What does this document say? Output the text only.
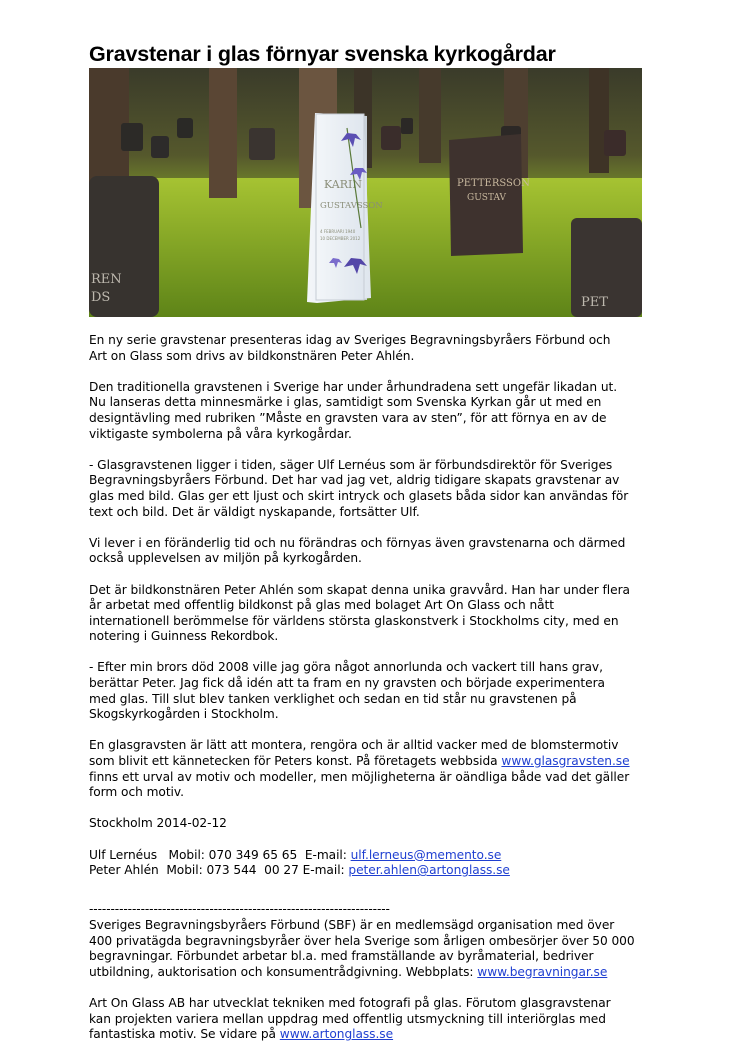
Gravstenar i glas förnyar svenska kyrkogårdar
REN
DS	PET
PETTERSSON
GUSTAV
KARIN
GUSTAVSSON
4 FEBRUARI 1940
10 DECEMBER 2012

En ny serie gravstenar presenteras idag av Sveriges Begravningsbyråers Förbund och
Art on Glass som drivs av bildkonstnären Peter Ahlén.

Den traditionella gravstenen i Sverige har under århundradena sett ungefär likadan ut.
Nu lanseras detta minnesmärke i glas, samtidigt som Svenska Kyrkan går ut med en
designtävling med rubriken ”Måste en gravsten vara av sten”, för att förnya en av de
viktigaste symbolerna på våra kyrkogårdar.

- Glasgravstenen ligger i tiden, säger Ulf Lernéus som är förbundsdirektör för Sveriges
Begravningsbyråers Förbund. Det har vad jag vet, aldrig tidigare skapats gravstenar av
glas med bild. Glas ger ett ljust och skirt intryck och glasets båda sidor kan användas för
text och bild. Det är väldigt nyskapande, fortsätter Ulf.

Vi lever i en föränderlig tid och nu förändras och förnyas även gravstenarna och därmed
också upplevelsen av miljön på kyrkogården.

Det är bildkonstnären Peter Ahlén som skapat denna unika gravvård. Han har under flera
år arbetat med offentlig bildkonst på glas med bolaget Art On Glass och nått
internationell berömmelse för världens största glaskonstverk i Stockholms city, med en
notering i Guinness Rekordbok.

- Efter min brors död 2008 ville jag göra något annorlunda och vackert till hans grav,
berättar Peter. Jag fick då idén att ta fram en ny gravsten och började experimentera
med glas. Till slut blev tanken verklighet och sedan en tid står nu gravstenen på
Skogskyrkogården i Stockholm.

En glasgravsten är lätt att montera, rengöra och är alltid vacker med de blomstermotiv
som blivit ett kännetecken för Peters konst. På företagets webbsida www.glasgravsten.se
finns ett urval av motiv och modeller, men möjligheterna är oändliga både vad det gäller
form och motiv.

Stockholm 2014-02-12

Ulf Lernéus   Mobil: 070 349 65 65  E-mail: ulf.lerneus@memento.se
Peter Ahlén  Mobil: 073 544  00 27 E-mail: peter.ahlen@artonglass.se
----------------------------------------------------------------------
Sveriges Begravningsbyråers Förbund (SBF) är en medlemsägd organisation med över
400 privatägda begravningsbyråer över hela Sverige som årligen ombesörjer över 50 000
begravningar. Förbundet arbetar bl.a. med framställande av byråmaterial, bedriver
utbildning, auktorisation och konsumentrådgivning. Webbplats: www.begravningar.se
Art On Glass AB har utvecklat tekniken med fotografi på glas. Förutom glasgravstenar
kan projekten variera mellan uppdrag med offentlig utsmyckning till interiörglas med
fantastiska motiv. Se vidare på www.artonglass.se
